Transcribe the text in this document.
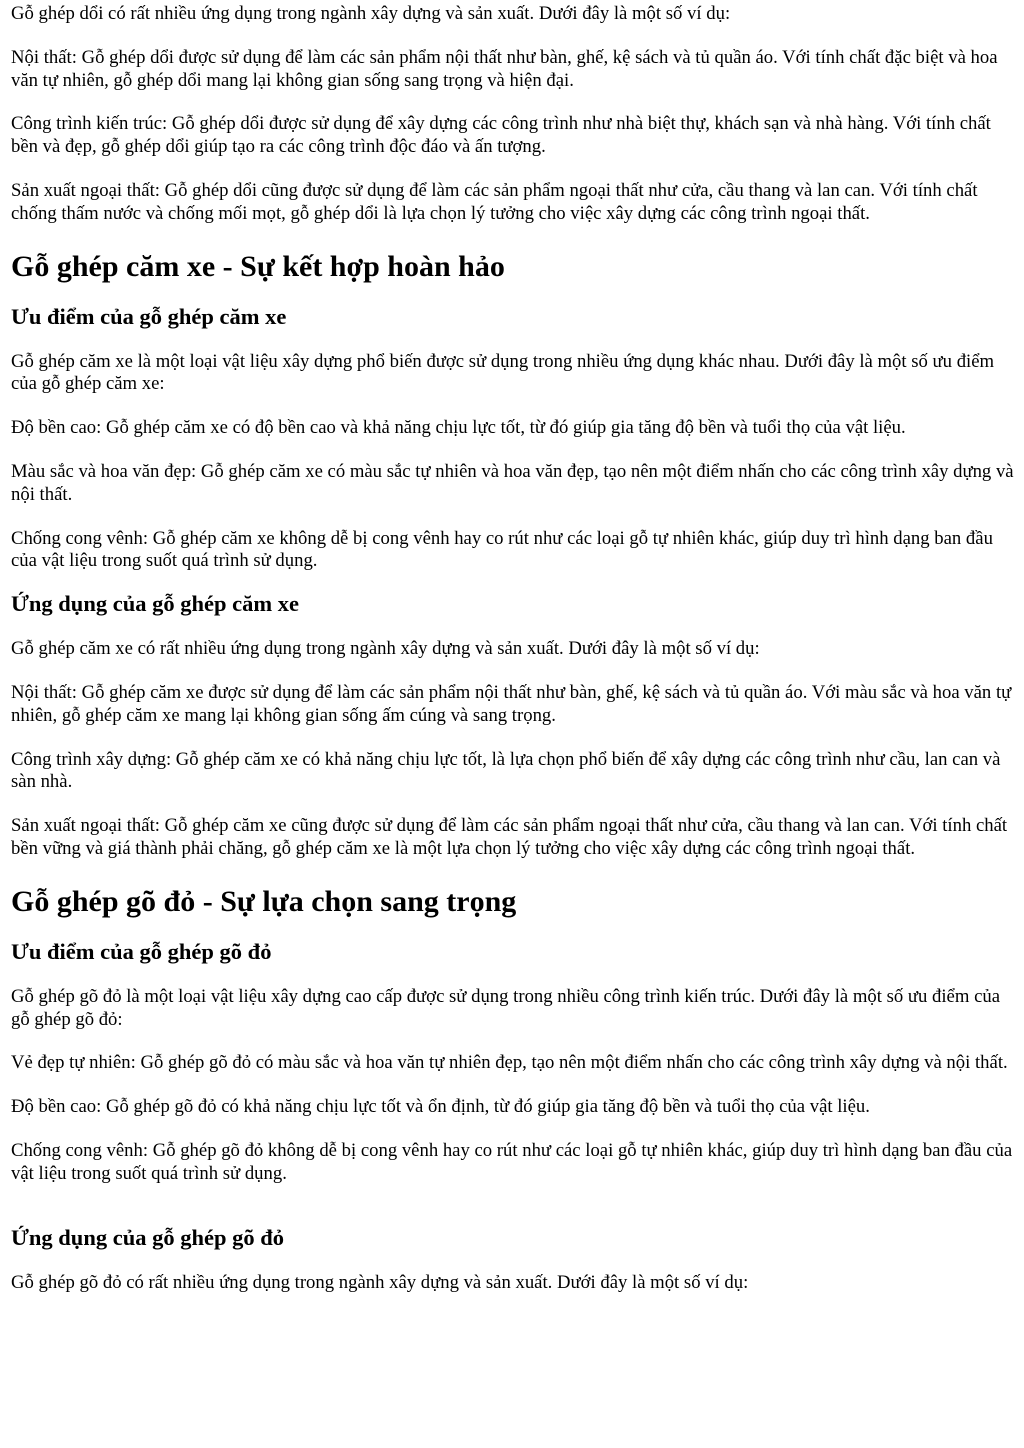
Gỗ ghép dổi có rất nhiều ứng dụng trong ngành xây dựng và sản xuất. Dưới đây là một số ví dụ:

Nội thất: Gỗ ghép dổi được sử dụng để làm các sản phẩm nội thất như bàn, ghế, kệ sách và tủ quần áo. Với tính chất đặc biệt và hoa văn tự nhiên, gỗ ghép dổi mang lại không gian sống sang trọng và hiện đại.

Công trình kiến trúc: Gỗ ghép dổi được sử dụng để xây dựng các công trình như nhà biệt thự, khách sạn và nhà hàng. Với tính chất bền và đẹp, gỗ ghép dổi giúp tạo ra các công trình độc đáo và ấn tượng.

Sản xuất ngoại thất: Gỗ ghép dổi cũng được sử dụng để làm các sản phẩm ngoại thất như cửa, cầu thang và lan can. Với tính chất chống thấm nước và chống mối mọt, gỗ ghép dổi là lựa chọn lý tưởng cho việc xây dựng các công trình ngoại thất.

Gỗ ghép căm xe - Sự kết hợp hoàn hảo
Ưu điểm của gỗ ghép căm xe

Gỗ ghép căm xe là một loại vật liệu xây dựng phổ biến được sử dụng trong nhiều ứng dụng khác nhau. Dưới đây là một số ưu điểm của gỗ ghép căm xe:

Độ bền cao: Gỗ ghép căm xe có độ bền cao và khả năng chịu lực tốt, từ đó giúp gia tăng độ bền và tuổi thọ của vật liệu.

Màu sắc và hoa văn đẹp: Gỗ ghép căm xe có màu sắc tự nhiên và hoa văn đẹp, tạo nên một điểm nhấn cho các công trình xây dựng và nội thất.

Chống cong vênh: Gỗ ghép căm xe không dễ bị cong vênh hay co rút như các loại gỗ tự nhiên khác, giúp duy trì hình dạng ban đầu của vật liệu trong suốt quá trình sử dụng.

Ứng dụng của gỗ ghép căm xe

Gỗ ghép căm xe có rất nhiều ứng dụng trong ngành xây dựng và sản xuất. Dưới đây là một số ví dụ:

Nội thất: Gỗ ghép căm xe được sử dụng để làm các sản phẩm nội thất như bàn, ghế, kệ sách và tủ quần áo. Với màu sắc và hoa văn tự nhiên, gỗ ghép căm xe mang lại không gian sống ấm cúng và sang trọng.

Công trình xây dựng: Gỗ ghép căm xe có khả năng chịu lực tốt, là lựa chọn phổ biến để xây dựng các công trình như cầu, lan can và sàn nhà.

Sản xuất ngoại thất: Gỗ ghép căm xe cũng được sử dụng để làm các sản phẩm ngoại thất như cửa, cầu thang và lan can. Với tính chất bền vững và giá thành phải chăng, gỗ ghép căm xe là một lựa chọn lý tưởng cho việc xây dựng các công trình ngoại thất.

Gỗ ghép gõ đỏ - Sự lựa chọn sang trọng
Ưu điểm của gỗ ghép gõ đỏ

Gỗ ghép gõ đỏ là một loại vật liệu xây dựng cao cấp được sử dụng trong nhiều công trình kiến trúc. Dưới đây là một số ưu điểm của gỗ ghép gõ đỏ:

Vẻ đẹp tự nhiên: Gỗ ghép gõ đỏ có màu sắc và hoa văn tự nhiên đẹp, tạo nên một điểm nhấn cho các công trình xây dựng và nội thất.

Độ bền cao: Gỗ ghép gõ đỏ có khả năng chịu lực tốt và ổn định, từ đó giúp gia tăng độ bền và tuổi thọ của vật liệu.

Chống cong vênh: Gỗ ghép gõ đỏ không dễ bị cong vênh hay co rút như các loại gỗ tự nhiên khác, giúp duy trì hình dạng ban đầu của vật liệu trong suốt quá trình sử dụng.

Ứng dụng của gỗ ghép gõ đỏ

Gỗ ghép gõ đỏ có rất nhiều ứng dụng trong ngành xây dựng và sản xuất. Dưới đây là một số ví dụ:
